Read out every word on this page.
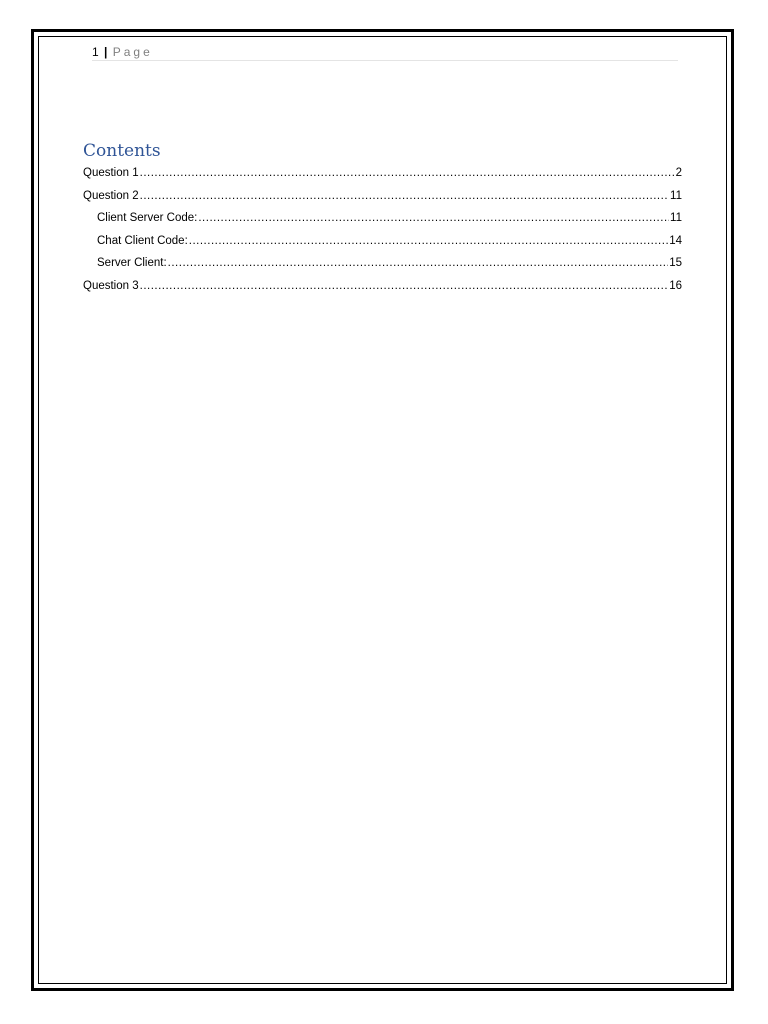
1 | Page
Contents
Question 1 .....	2
Question 2 .....	11
Client Server Code: .....	11
Chat Client Code: .....	14
Server Client: .....	15
Question 3 .....	16
